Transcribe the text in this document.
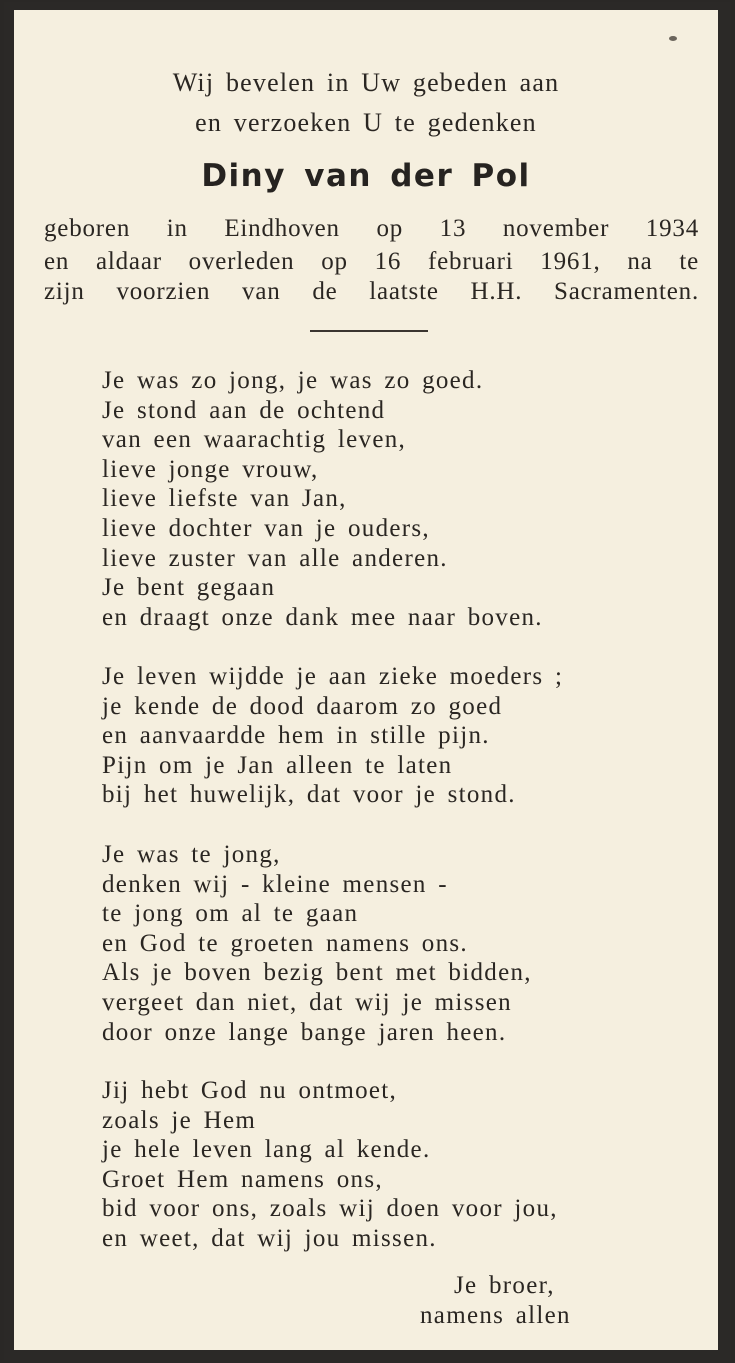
Wij bevelen in Uw gebeden aan
en verzoeken U te gedenken
Diny van der Pol
geboren in Eindhoven op 13 november 1934
en aldaar overleden op 16 februari 1961, na te
zijn voorzien van de laatste H.H. Sacramenten.
Je was zo jong, je was zo goed.
Je stond aan de ochtend
van een waarachtig leven,
lieve jonge vrouw,
lieve liefste van Jan,
lieve dochter van je ouders,
lieve zuster van alle anderen.
Je bent gegaan
en draagt onze dank mee naar boven.
Je leven wijdde je aan zieke moeders ;
je kende de dood daarom zo goed
en aanvaardde hem in stille pijn.
Pijn om je Jan alleen te laten
bij het huwelijk, dat voor je stond.
Je was te jong,
denken wij - kleine mensen -
te jong om al te gaan
en God te groeten namens ons.
Als je boven bezig bent met bidden,
vergeet dan niet, dat wij je missen
door onze lange bange jaren heen.
Jij hebt God nu ontmoet,
zoals je Hem
je hele leven lang al kende.
Groet Hem namens ons,
bid voor ons, zoals wij doen voor jou,
en weet, dat wij jou missen.
Je broer,
namens allen
